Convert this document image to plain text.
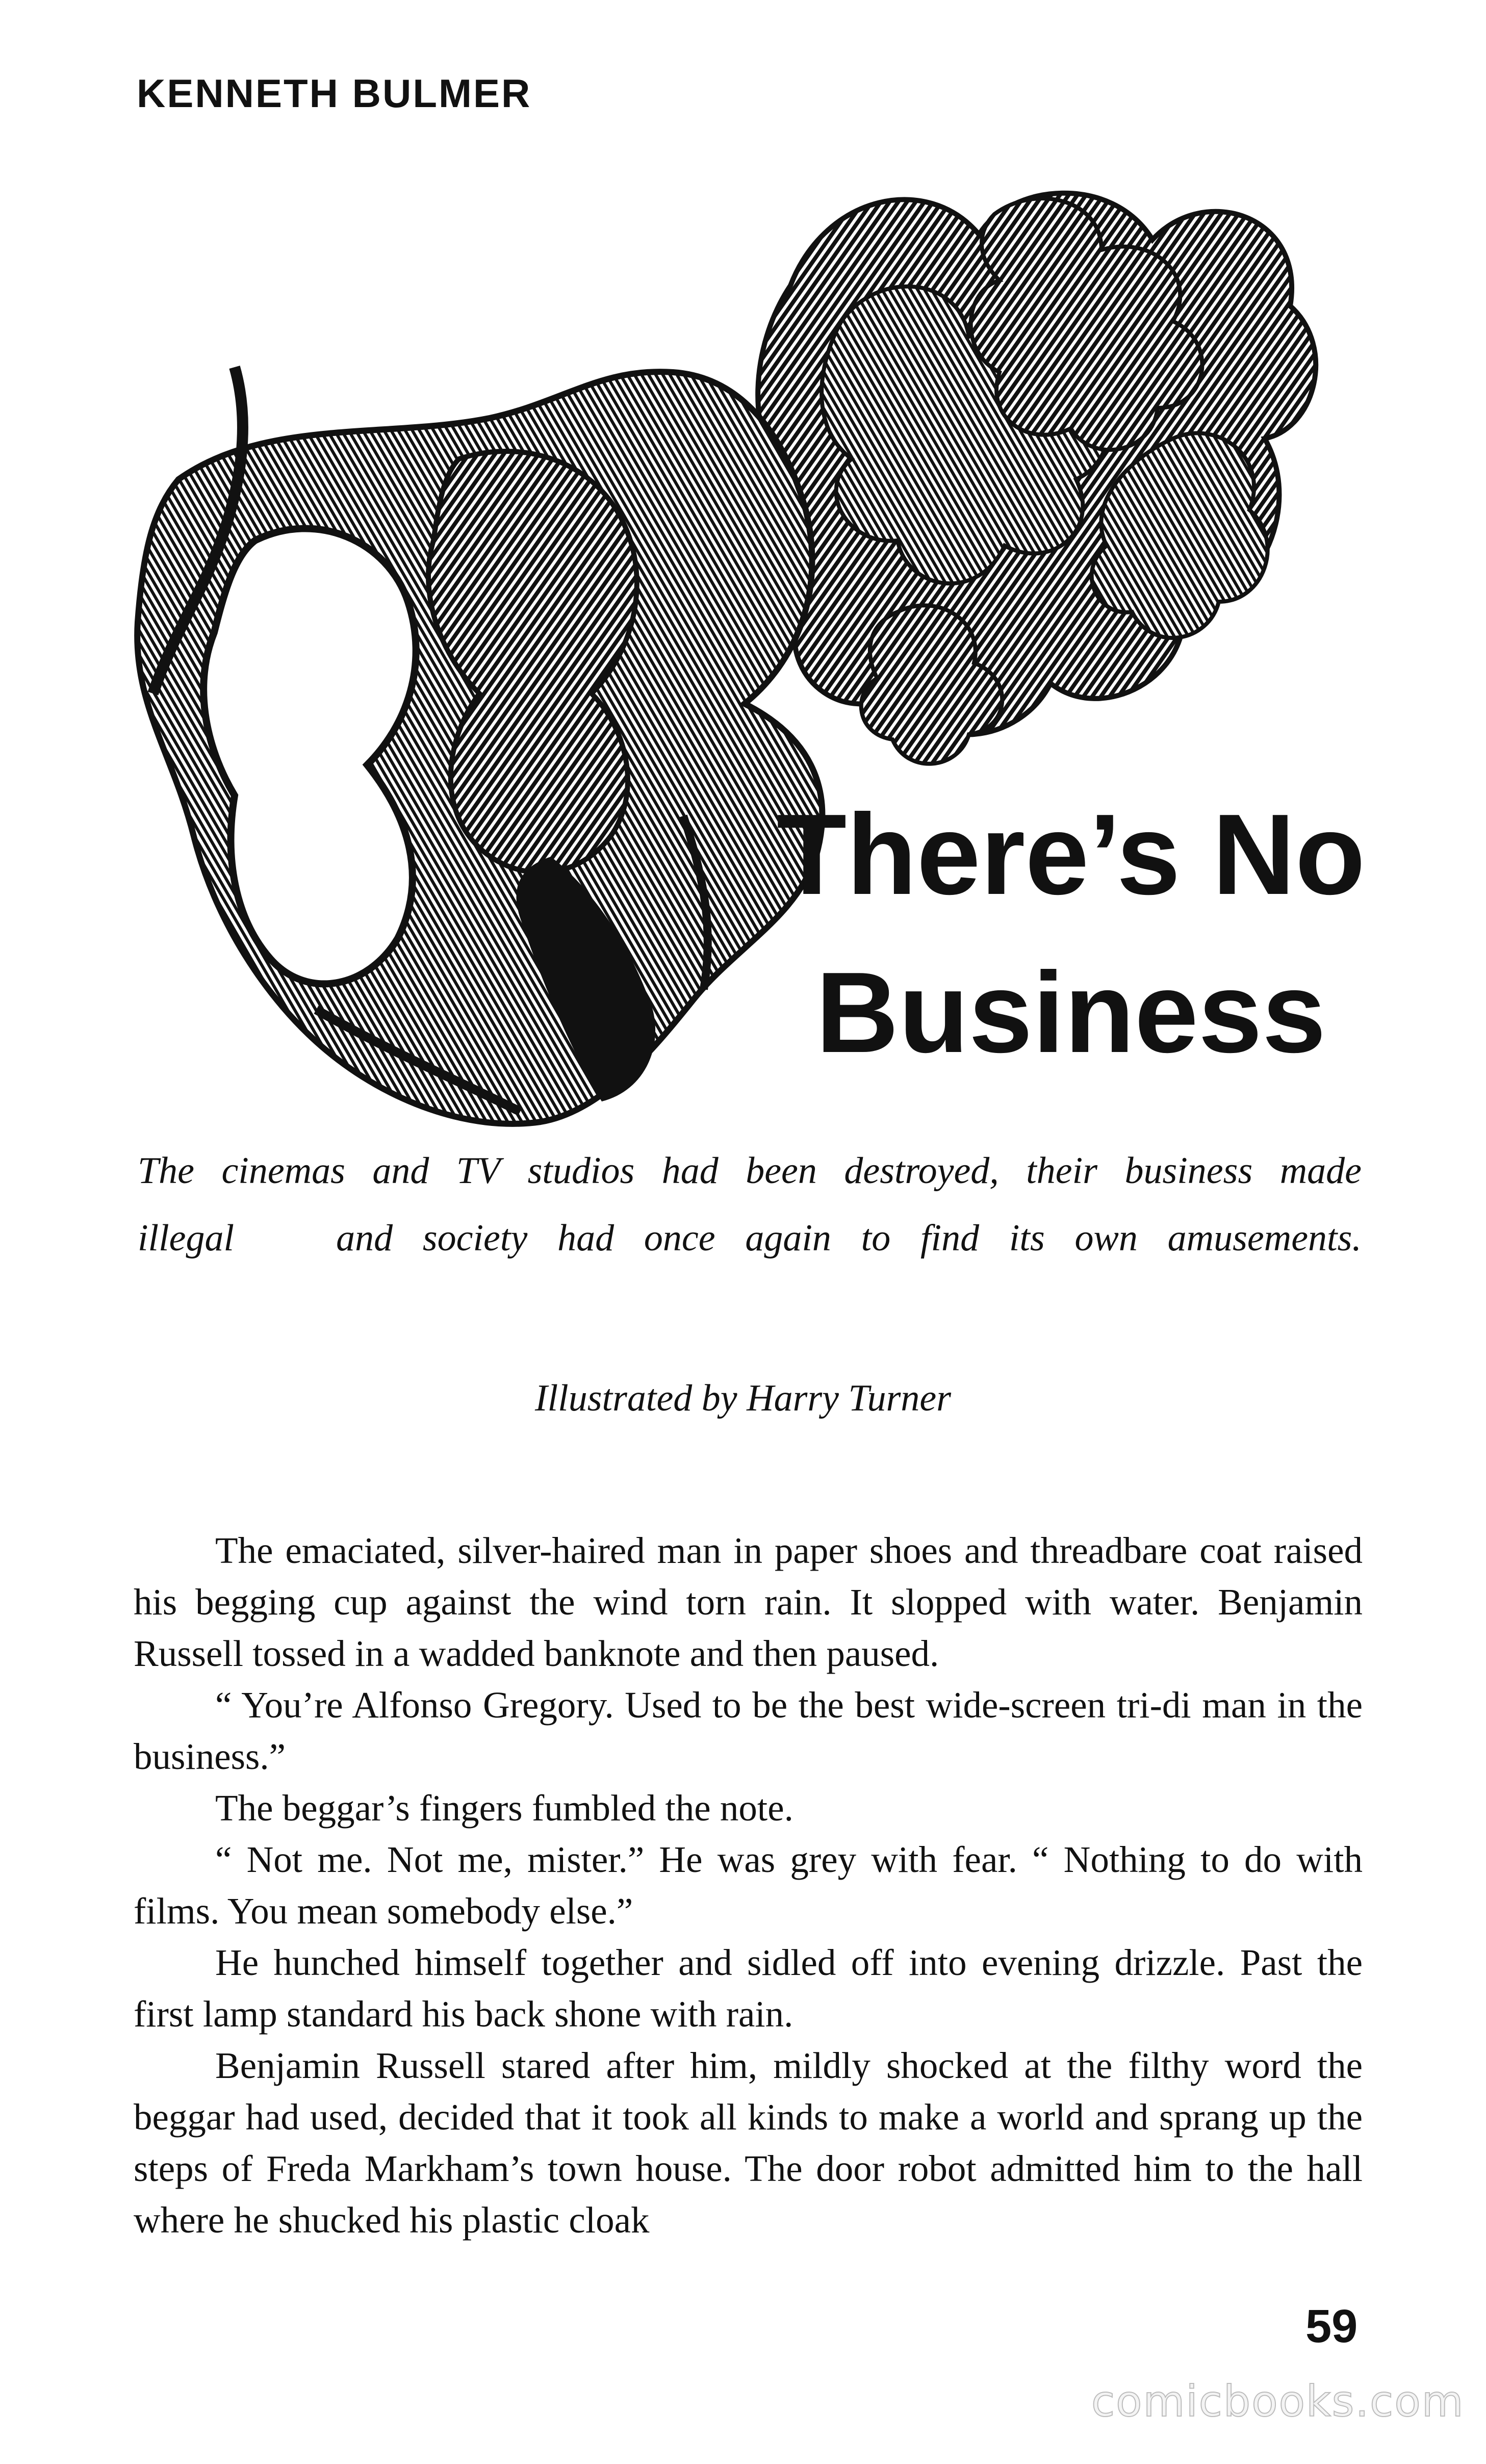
KENNETH BULMER
There’s No
Business
The cinemas and TV studios had been destroyed, their business made
illegal	and society had once again to find its own amusements.
Illustrated by Harry Turner

The emaciated, silver-haired man in paper shoes and threadbare coat raised his begging cup against the wind torn rain. It slopped with water. Benjamin Russell tossed in a wadded banknote and then paused.

“ You’re Alfonso Gregory. Used to be the best wide-screen tri-di man in the business.”

The beggar’s fingers fumbled the note.

“ Not me. Not me, mister.” He was grey with fear. “ Nothing to do with films. You mean somebody else.”

He hunched himself together and sidled off into evening drizzle. Past the first lamp standard his back shone with rain.

Benjamin Russell stared after him, mildly shocked at the filthy word the beggar had used, decided that it took all kinds to make a world and sprang up the steps of Freda Markham’s town house. The door robot admitted him to the hall where he shucked his plastic cloak

59
comicbooks.com
